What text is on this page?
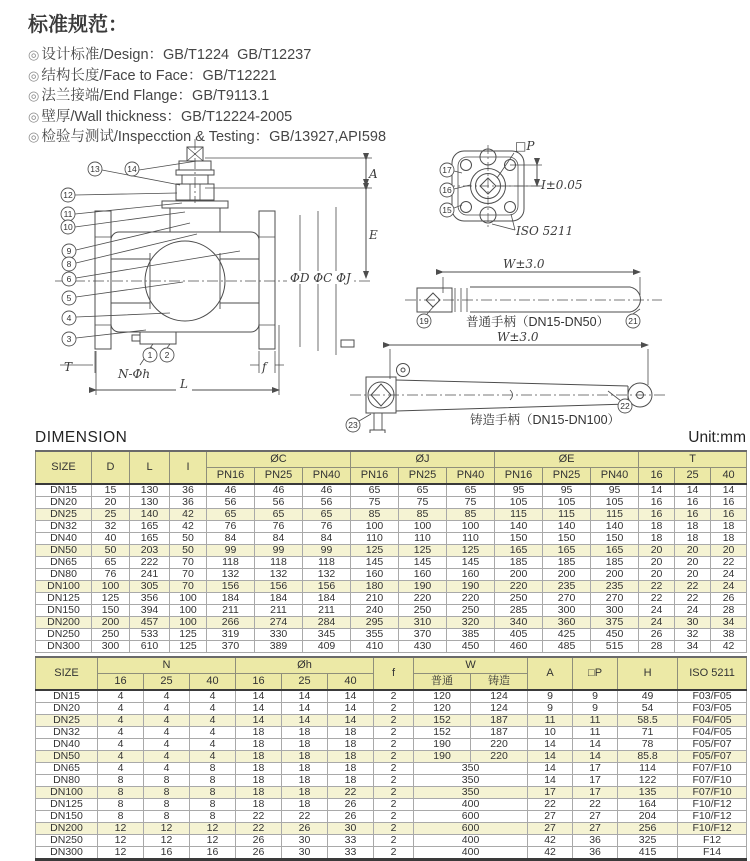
标准规范：
◎ 设计标准/Design：GB/T1224  GB/T12237
◎ 结构长度/Face to Face：GB/T12221
◎ 法兰接端/End Flange：GB/T9113.1
◎ 壁厚/Wall thickness：GB/T12224-2005
◎ 检验与测试/Inspecction & Testing：GB/13927,API598
A
E
ΦD ΦC ΦJ
T
L
f
N-Φh
□P
I±0.05
ISO 5211
W±3.0
普通手柄（DN15-DN50）
W±3.0
铸造手柄（DN15-DN100）
13	14
12
11
10
9
8
6
5
4
3
1 2
17
16
15
19	21
23
22
DIMENSION	Unit:mm
SIZE	D	L	I	ØC			ØJ			ØE			T		
				PN16	PN25	PN40	PN16	PN25	PN40	PN16	PN25	PN40	16	25	40
DN15	15	130	36	46	46	46	65	65	65	95	95	95	14	14	14
DN20	20	130	36	56	56	56	75	75	75	105	105	105	16	16	16
DN25	25	140	42	65	65	65	85	85	85	115	115	115	16	16	16
DN32	32	165	42	76	76	76	100	100	100	140	140	140	18	18	18
DN40	40	165	50	84	84	84	110	110	110	150	150	150	18	18	18
DN50	50	203	50	99	99	99	125	125	125	165	165	165	20	20	20
DN65	65	222	70	118	118	118	145	145	145	185	185	185	20	20	22
DN80	76	241	70	132	132	132	160	160	160	200	200	200	20	20	24
DN100	100	305	70	156	156	156	180	190	190	220	235	235	22	22	24
DN125	125	356	100	184	184	184	210	220	220	250	270	270	22	22	26
DN150	150	394	100	211	211	211	240	250	250	285	300	300	24	24	28
DN200	200	457	100	266	274	284	295	310	320	340	360	375	24	30	34
DN250	250	533	125	319	330	345	355	370	385	405	425	450	26	32	38
DN300	300	610	125	370	389	409	410	430	450	460	485	515	28	34	42
SIZE	N			Øh			f	W		A	□P	H	ISO 5211
	16	25	40	16	25	40		普通	铸造				
DN15	4	4	4	14	14	14	2	120	124	9	9	49	F03/F05
DN20	4	4	4	14	14	14	2	120	124	9	9	54	F03/F05
DN25	4	4	4	14	14	14	2	152	187	11	11	58.5	F04/F05
DN32	4	4	4	18	18	18	2	152	187	10	11	71	F04/F05
DN40	4	4	4	18	18	18	2	190	220	14	14	78	F05/F07
DN50	4	4	4	18	18	18	2	190	220	14	14	85.8	F05/F07
DN65	4	4	8	18	18	18	2	350		14	17	114	F07/F10
DN80	8	8	8	18	18	18	2	350		14	17	122	F07/F10
DN100	8	8	8	18	18	22	2	350		17	17	135	F07/F10
DN125	8	8	8	18	18	26	2	400		22	22	164	F10/F12
DN150	8	8	8	22	22	26	2	600		27	27	204	F10/F12
DN200	12	12	12	22	26	30	2	600		27	27	256	F10/F12
DN250	12	12	12	26	30	33	2	400		42	36	325	F12
DN300	12	16	16	26	30	33	2	400		42	36	415	F14
